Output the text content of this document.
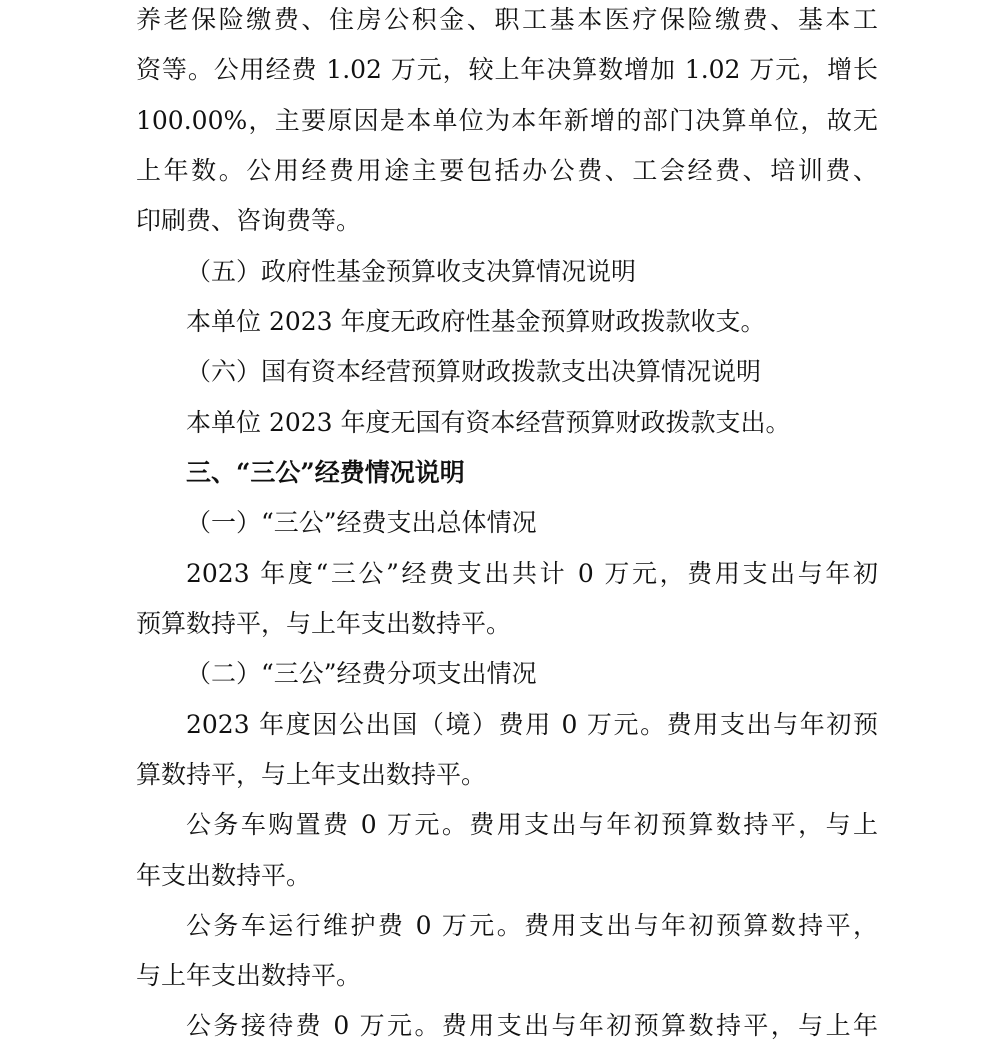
养老保险缴费、住房公积金、职工基本医疗保险缴费、基本工
资等。公用经费 1.02 万元，较上年决算数增加 1.02 万元，增长
100.00%，主要原因是本单位为本年新增的部门决算单位，故无
上年数。公用经费用途主要包括办公费、工会经费、培训费、
印刷费、咨询费等。
（五）政府性基金预算收支决算情况说明
本单位 2023 年度无政府性基金预算财政拨款收支。
（六）国有资本经营预算财政拨款支出决算情况说明
本单位 2023 年度无国有资本经营预算财政拨款支出。
三、“三公”经费情况说明
（一）“三公”经费支出总体情况
2023 年度“三公”经费支出共计 0 万元，费用支出与年初
预算数持平，与上年支出数持平。
（二）“三公”经费分项支出情况
2023 年度因公出国（境）费用 0 万元。费用支出与年初预
算数持平，与上年支出数持平。
公务车购置费 0 万元。费用支出与年初预算数持平，与上
年支出数持平。
公务车运行维护费 0 万元。费用支出与年初预算数持平，
与上年支出数持平。
公务接待费 0 万元。费用支出与年初预算数持平，与上年
